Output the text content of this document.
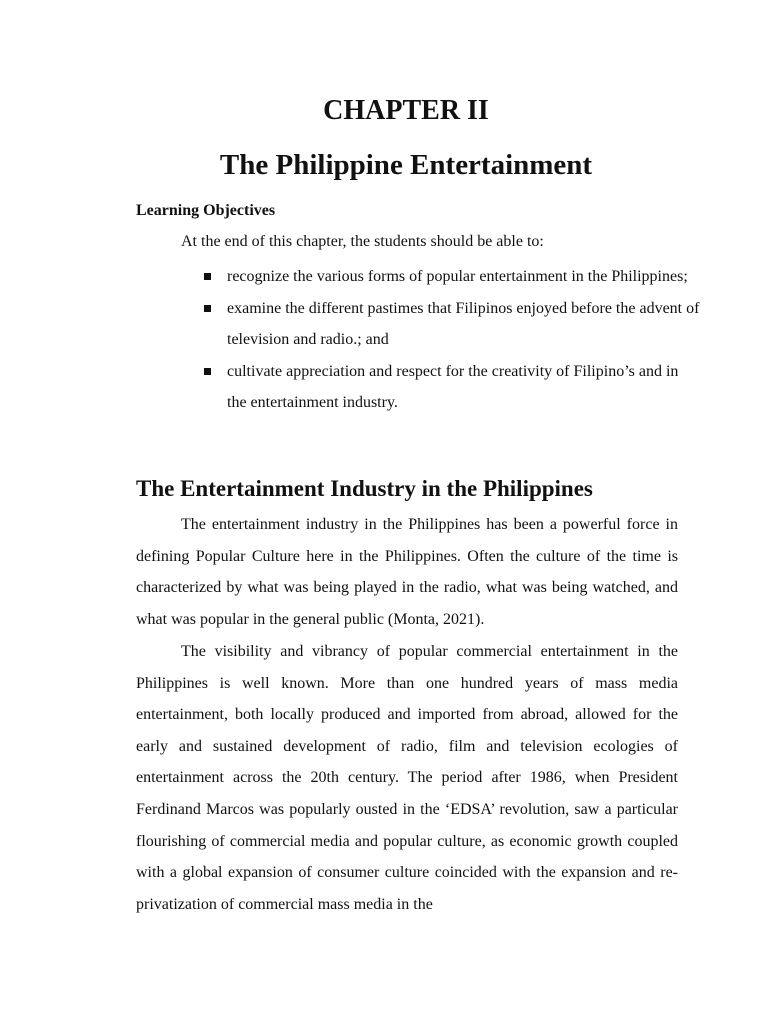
CHAPTER II
The Philippine Entertainment
Learning Objectives

At the end of this chapter, the students should be able to:

recognize the various forms of popular entertainment in the Philippines;
examine the different pastimes that Filipinos enjoyed before the advent of television and radio.; and
cultivate appreciation and respect for the creativity of Filipino’s and in the entertainment industry.
The Entertainment Industry in the Philippines

The entertainment industry in the Philippines has been a powerful force in defining Popular Culture here in the Philippines. Often the culture of the time is characterized by what was being played in the radio, what was being watched, and what was popular in the general public (Monta, 2021).

The visibility and vibrancy of popular commercial entertainment in the Philippines is well known. More than one hundred years of mass media entertainment, both locally produced and imported from abroad, allowed for the early and sustained development of radio, film and television ecologies of entertainment across the 20th century. The period after 1986, when President Ferdinand Marcos was popularly ousted in the ‘EDSA’ revolution, saw a particular flourishing of commercial media and popular culture, as economic growth coupled with a global expansion of consumer culture coincided with the expansion and re-privatization of commercial mass media in the
